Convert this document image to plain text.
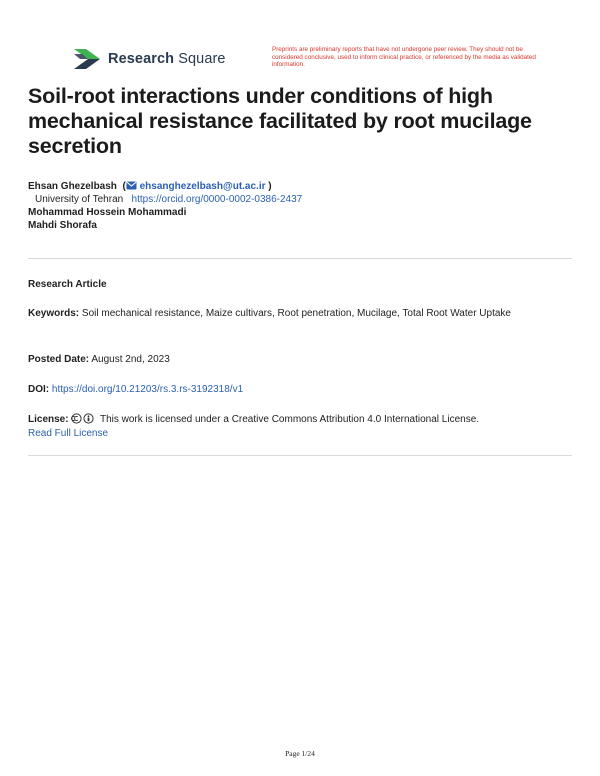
Research Square
Preprints are preliminary reports that have not undergone peer review. They should not be considered conclusive, used to inform clinical practice, or referenced by the media as validated information.
Soil-root interactions under conditions of high mechanical resistance facilitated by root mucilage secretion
Ehsan Ghezelbash  ( ehsanghezelbash@ut.ac.ir )
University of Tehran https://orcid.org/0000-0002-0386-2437
Mohammad Hossein Mohammadi
Mahdi Shorafa
Research Article
Keywords: Soil mechanical resistance, Maize cultivars, Root penetration, Mucilage, Total Root Water Uptake
Posted Date: August 2nd, 2023
DOI: https://doi.org/10.21203/rs.3.rs-3192318/v1
License:	This work is licensed under a Creative Commons Attribution 4.0 International License.
Read Full License
Page 1/24
